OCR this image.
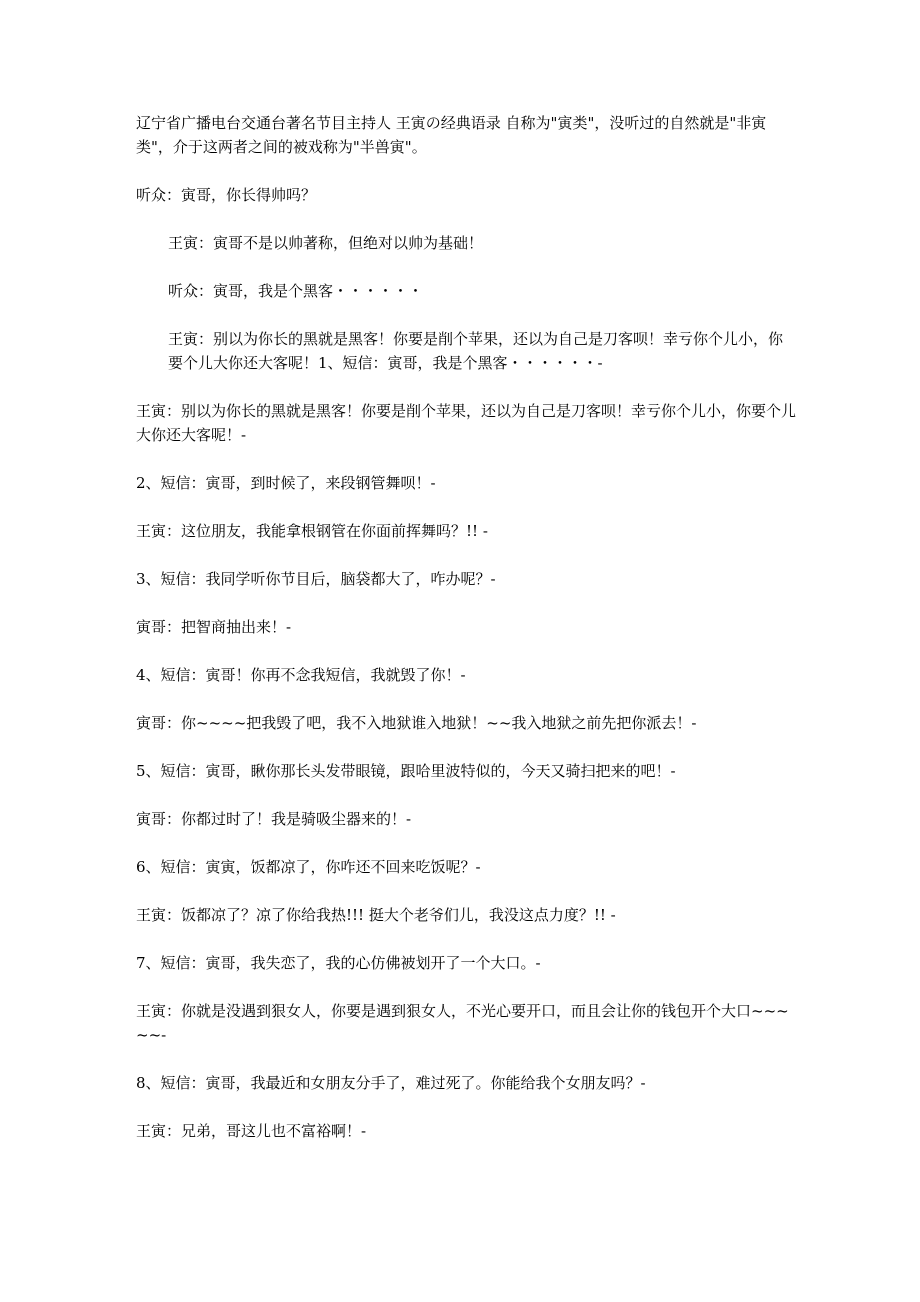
辽宁省广播电台交通台著名节目主持人 王寅の经典语录 自称为"寅类"，没听过的自然就是"非寅类"，介于这两者之间的被戏称为"半兽寅"。

听众：寅哥，你长得帅吗？

王寅：寅哥不是以帅著称，但绝对以帅为基础！

听众：寅哥，我是个黑客・・・・・・

王寅：别以为你长的黑就是黑客！你要是削个苹果，还以为自己是刀客呗！幸亏你个儿小，你要个儿大你还大客呢！1、短信：寅哥，我是个黑客・・・・・・-

王寅：别以为你长的黑就是黑客！你要是削个苹果，还以为自己是刀客呗！幸亏你个儿小，你要个儿大你还大客呢！-

2、短信：寅哥，到时候了，来段钢管舞呗！-

王寅：这位朋友，我能拿根钢管在你面前挥舞吗？!! -

3、短信：我同学听你节目后，脑袋都大了，咋办呢？-

寅哥：把智商抽出来！-

4、短信：寅哥！你再不念我短信，我就毁了你！-

寅哥：你~~~~把我毁了吧，我不入地狱谁入地狱！~~我入地狱之前先把你派去！-

5、短信：寅哥，瞅你那长头发带眼镜，跟哈里波特似的，今天又骑扫把来的吧！-

寅哥：你都过时了！我是骑吸尘器来的！-

6、短信：寅寅，饭都凉了，你咋还不回来吃饭呢？-

王寅：饭都凉了？凉了你给我热!!! 挺大个老爷们儿，我没这点力度？!! -

7、短信：寅哥，我失恋了，我的心仿佛被划开了一个大口。-

王寅：你就是没遇到狠女人，你要是遇到狠女人，不光心要开口，而且会让你的钱包开个大口~~~~~-

8、短信：寅哥，我最近和女朋友分手了，难过死了。你能给我个女朋友吗？-

王寅：兄弟，哥这儿也不富裕啊！-
